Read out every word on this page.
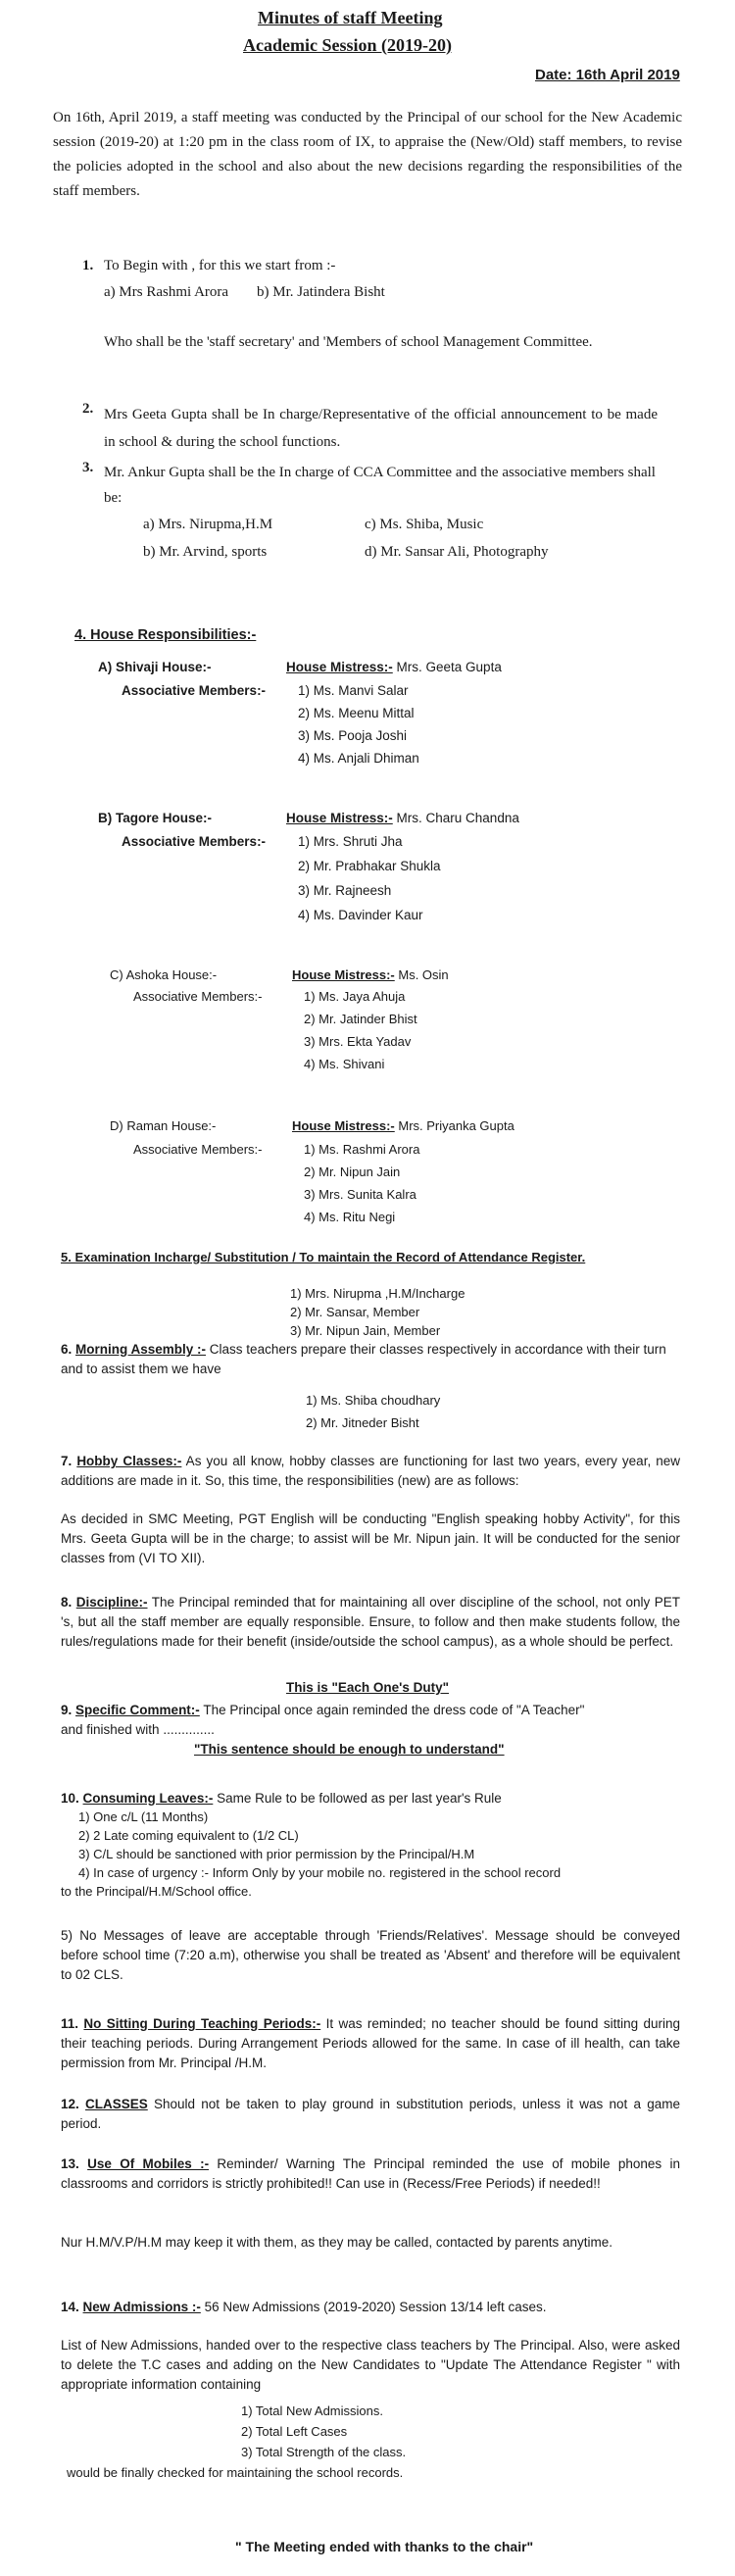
Minutes of staff Meeting
Academic Session (2019-20)
Date: 16th April 2019
On 16th, April 2019, a staff meeting was conducted by the Principal of our school for the New Academic session (2019-20) at 1:20 pm in the class room of IX, to appraise the (New/Old) staff members, to revise the policies adopted in the school and also about the new decisions regarding the responsibilities of the staff members.
1. To Begin with , for this we start from :-
a) Mrs Rashmi Arora b) Mr. Jatindera Bisht
Who shall be the 'staff secretary' and 'Members of school Management Committee.
2. Mrs Geeta Gupta shall be In charge/Representative of the official announcement to be made in school & during the school functions.
3. Mr. Ankur Gupta shall be the In charge of CCA Committee and the associative members shall be:
a) Mrs. Nirupma,H.M	c) Ms. Shiba, Music
b) Mr. Arvind, sports	d) Mr. Sansar Ali, Photography
4. House Responsibilities:-
A) Shivaji House:-	House Mistress:- Mrs. Geeta Gupta
Associative Members:- 1) Ms. Manvi Salar
2) Ms. Meenu Mittal
3) Ms. Pooja Joshi
4) Ms. Anjali Dhiman
B) Tagore House:-	House Mistress:- Mrs. Charu Chandna
Associative Members:- 1) Mrs. Shruti Jha
2) Mr. Prabhakar Shukla
3) Mr. Rajneesh
4) Ms. Davinder Kaur
C) Ashoka House:-	House Mistress:- Ms. Osin
Associative Members:-	1) Ms. Jaya Ahuja
2) Mr. Jatinder Bhist
3) Mrs. Ekta Yadav
4) Ms. Shivani
D) Raman House:-	House Mistress:- Mrs. Priyanka Gupta
Associative Members:-	1) Ms. Rashmi Arora
2) Mr. Nipun Jain
3) Mrs. Sunita Kalra
4) Ms. Ritu Negi
5. Examination Incharge/ Substitution / To maintain the Record of Attendance Register.
1) Mrs. Nirupma ,H.M/Incharge
2) Mr. Sansar, Member
3) Mr. Nipun Jain, Member
6. Morning Assembly :- Class teachers prepare their classes respectively in accordance with their turn and to assist them we have
1) Ms. Shiba choudhary
2) Mr. Jitneder Bisht
7. Hobby Classes:- As you all know, hobby classes are functioning for last two years, every year, new additions are made in it. So, this time, the responsibilities (new) are as follows:
As decided in SMC Meeting, PGT English will be conducting "English speaking hobby Activity", for this Mrs. Geeta Gupta will be in the charge; to assist will be Mr. Nipun jain. It will be conducted for the senior classes from (VI TO XII).
8. Discipline:- The Principal reminded that for maintaining all over discipline of the school, not only PET 's, but all the staff member are equally responsible. Ensure, to follow and then make students follow, the rules/regulations made for their benefit (inside/outside the school campus), as a whole should be perfect.
This is "Each One's Duty"
9. Specific Comment:- The Principal once again reminded the dress code of "A Teacher"
and finished with ..............
"This sentence should be enough to understand"
10. Consuming Leaves:- Same Rule to be followed as per last year's Rule
1) One c/L (11 Months)
2) 2 Late coming equivalent to (1/2 CL)
3) C/L should be sanctioned with prior permission by the Principal/H.M
4) In case of urgency :- Inform Only by your mobile no. registered in the school record
to the Principal/H.M/School office.
5) No Messages of leave are acceptable through 'Friends/Relatives'. Message should be conveyed before school time (7:20 a.m), otherwise you shall be treated as 'Absent' and therefore will be equivalent to 02 CLS.
11. No Sitting During Teaching Periods:- It was reminded; no teacher should be found sitting during their teaching periods. During Arrangement Periods allowed for the same. In case of ill health, can take permission from Mr. Principal /H.M.
12. CLASSES Should not be taken to play ground in substitution periods, unless it was not a game period.
13. Use Of Mobiles :- Reminder/ Warning The Principal reminded the use of mobile phones in classrooms and corridors is strictly prohibited!! Can use in (Recess/Free Periods) if needed!!
Nur H.M/V.P/H.M may keep it with them, as they may be called, contacted by parents anytime.
14. New Admissions :- 56 New Admissions (2019-2020) Session 13/14 left cases.
List of New Admissions, handed over to the respective class teachers by The Principal. Also, were asked to delete the T.C cases and adding on the New Candidates to "Update The Attendance Register " with appropriate information containing
1) Total New Admissions.
2) Total Left Cases
3) Total Strength of the class.
would be finally checked for maintaining the school records.
" The Meeting ended with thanks to the chair"
